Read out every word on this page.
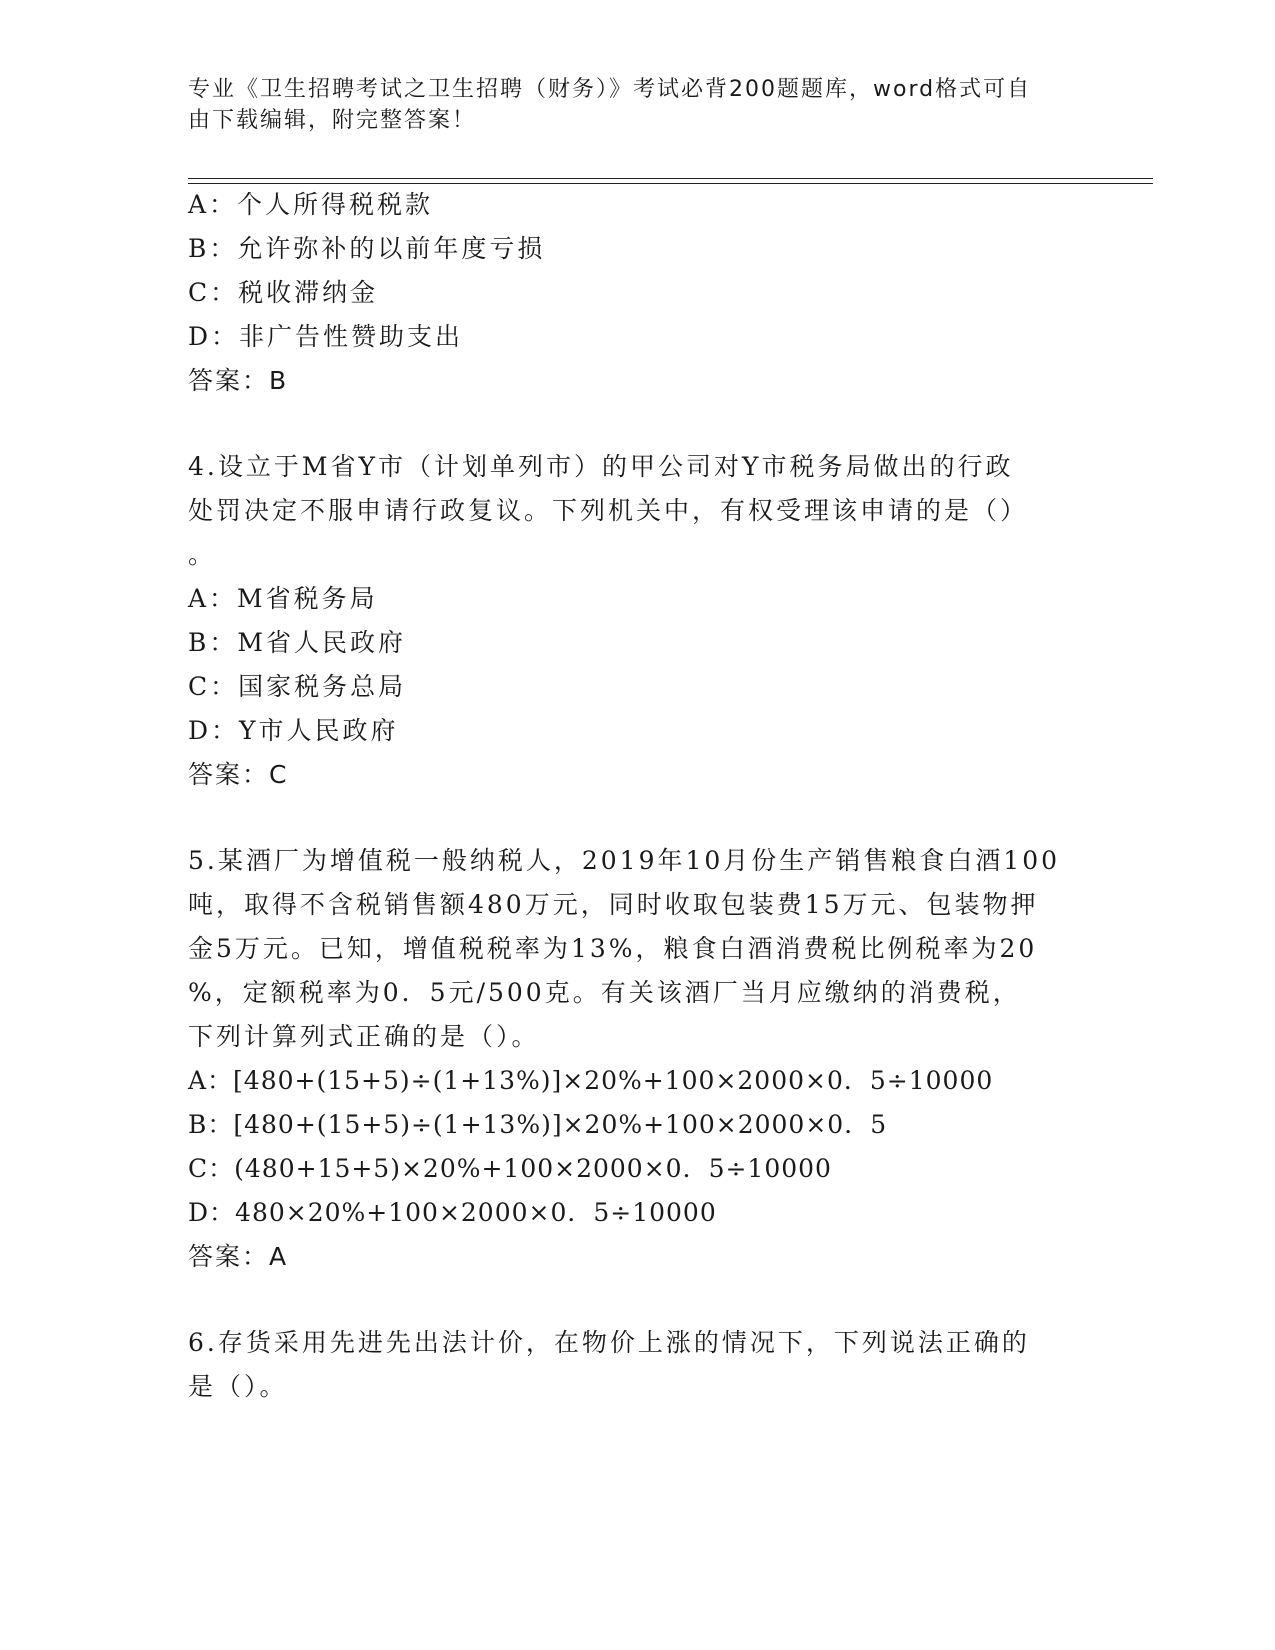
专业《卫生招聘考试之卫生招聘（财务）》考试必背200题题库，word格式可自
由下载编辑，附完整答案！
A：个人所得税税款
B：允许弥补的以前年度亏损
C：税收滞纳金
D：非广告性赞助支出
答案：B
4.设立于M省Y市（计划单列市）的甲公司对Y市税务局做出的行政
处罚决定不服申请行政复议。下列机关中，有权受理该申请的是（）
。
A：M省税务局
B：M省人民政府
C：国家税务总局
D：Y市人民政府
答案：C
5.某酒厂为增值税一般纳税人，2019年10月份生产销售粮食白酒100
吨，取得不含税销售额480万元，同时收取包装费15万元、包装物押
金5万元。已知，增值税税率为13%，粮食白酒消费税比例税率为20
%，定额税率为0．5元/500克。有关该酒厂当月应缴纳的消费税，
下列计算列式正确的是（）。
A：[480+(15+5)÷(1+13%)]×20%+100×2000×0．5÷10000
B：[480+(15+5)÷(1+13%)]×20%+100×2000×0．5
C：(480+15+5)×20%+100×2000×0．5÷10000
D：480×20%+100×2000×0．5÷10000
答案：A
6.存货采用先进先出法计价，在物价上涨的情况下，下列说法正确的
是（）。
